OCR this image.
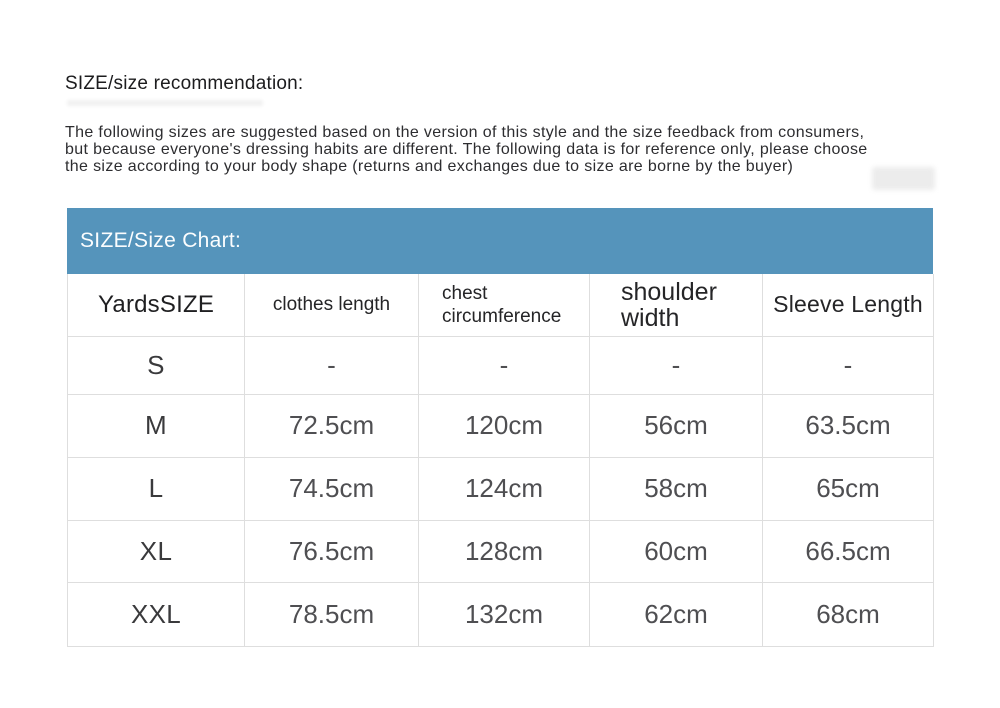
SIZE/size recommendation:
The following sizes are suggested based on the version of this style and the size feedback from consumers,
but because everyone's dressing habits are different. The following data is for reference only, please choose
the size according to your body shape (returns and exchanges due to size are borne by the buyer)
SIZE/Size Chart:
YardsSIZE	clothes length	chest circumference	shoulder width	Sleeve Length
S	-	-	-	-
M	72.5cm	120cm	56cm	63.5cm
L	74.5cm	124cm	58cm	65cm
XL	76.5cm	128cm	60cm	66.5cm
XXL	78.5cm	132cm	62cm	68cm
